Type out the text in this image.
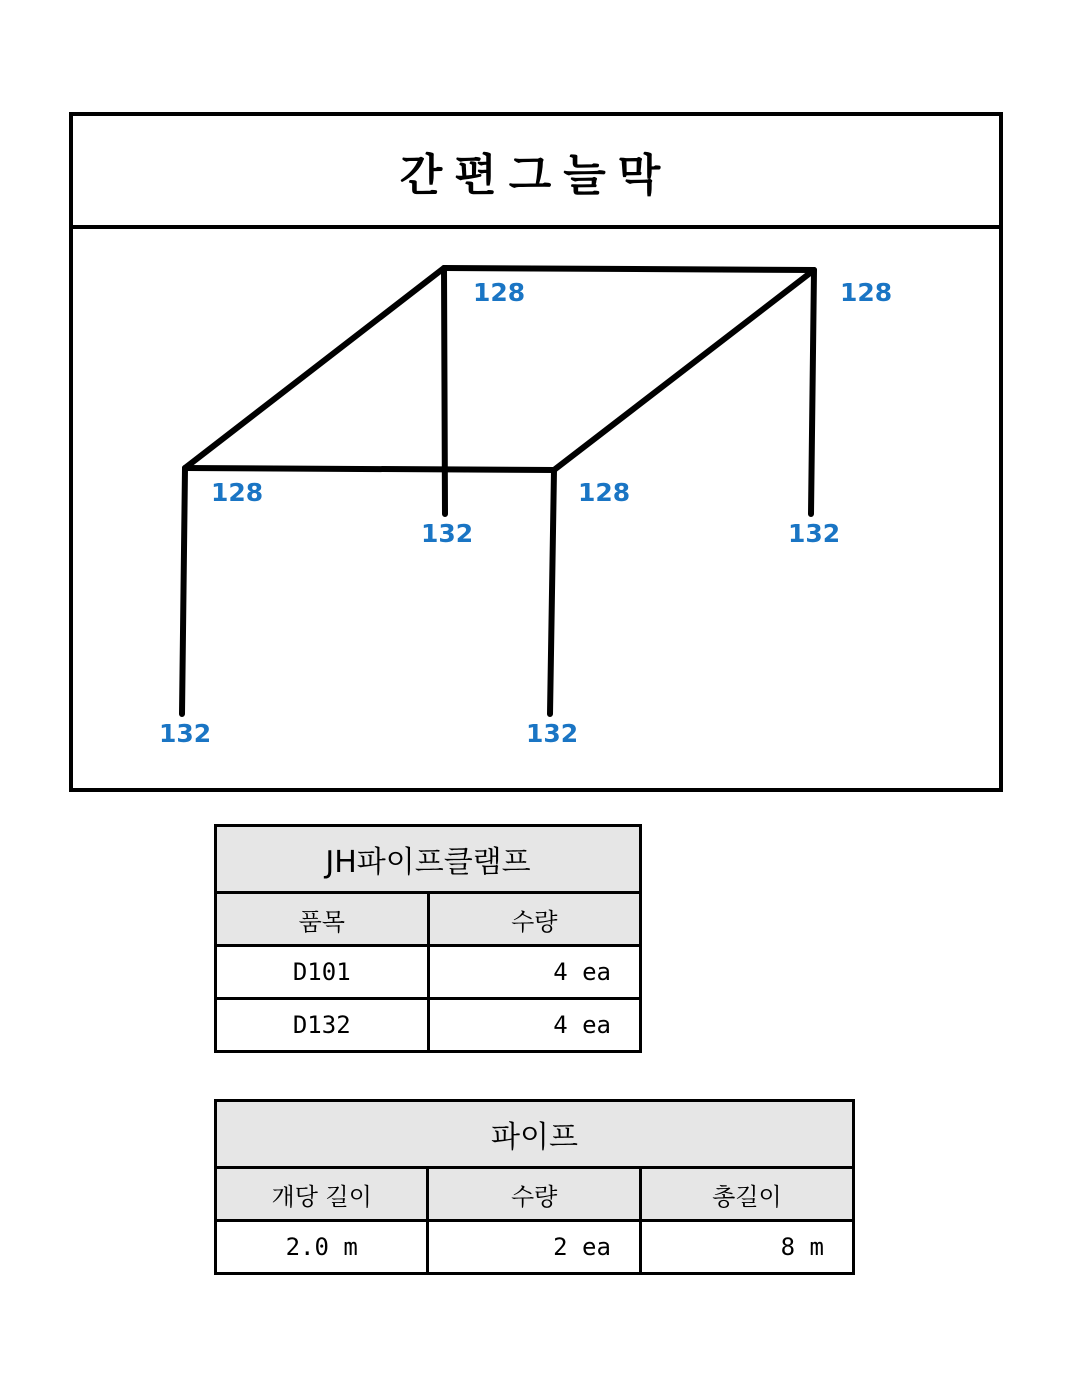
간편그늘막
128	128
128	128
132	132
132	132
JH파이프클램프	
품목	수량
D101	4 ea
D132	4 ea
파이프		
개당 길이	수량	총길이
2.0 m	2 ea	8 m
